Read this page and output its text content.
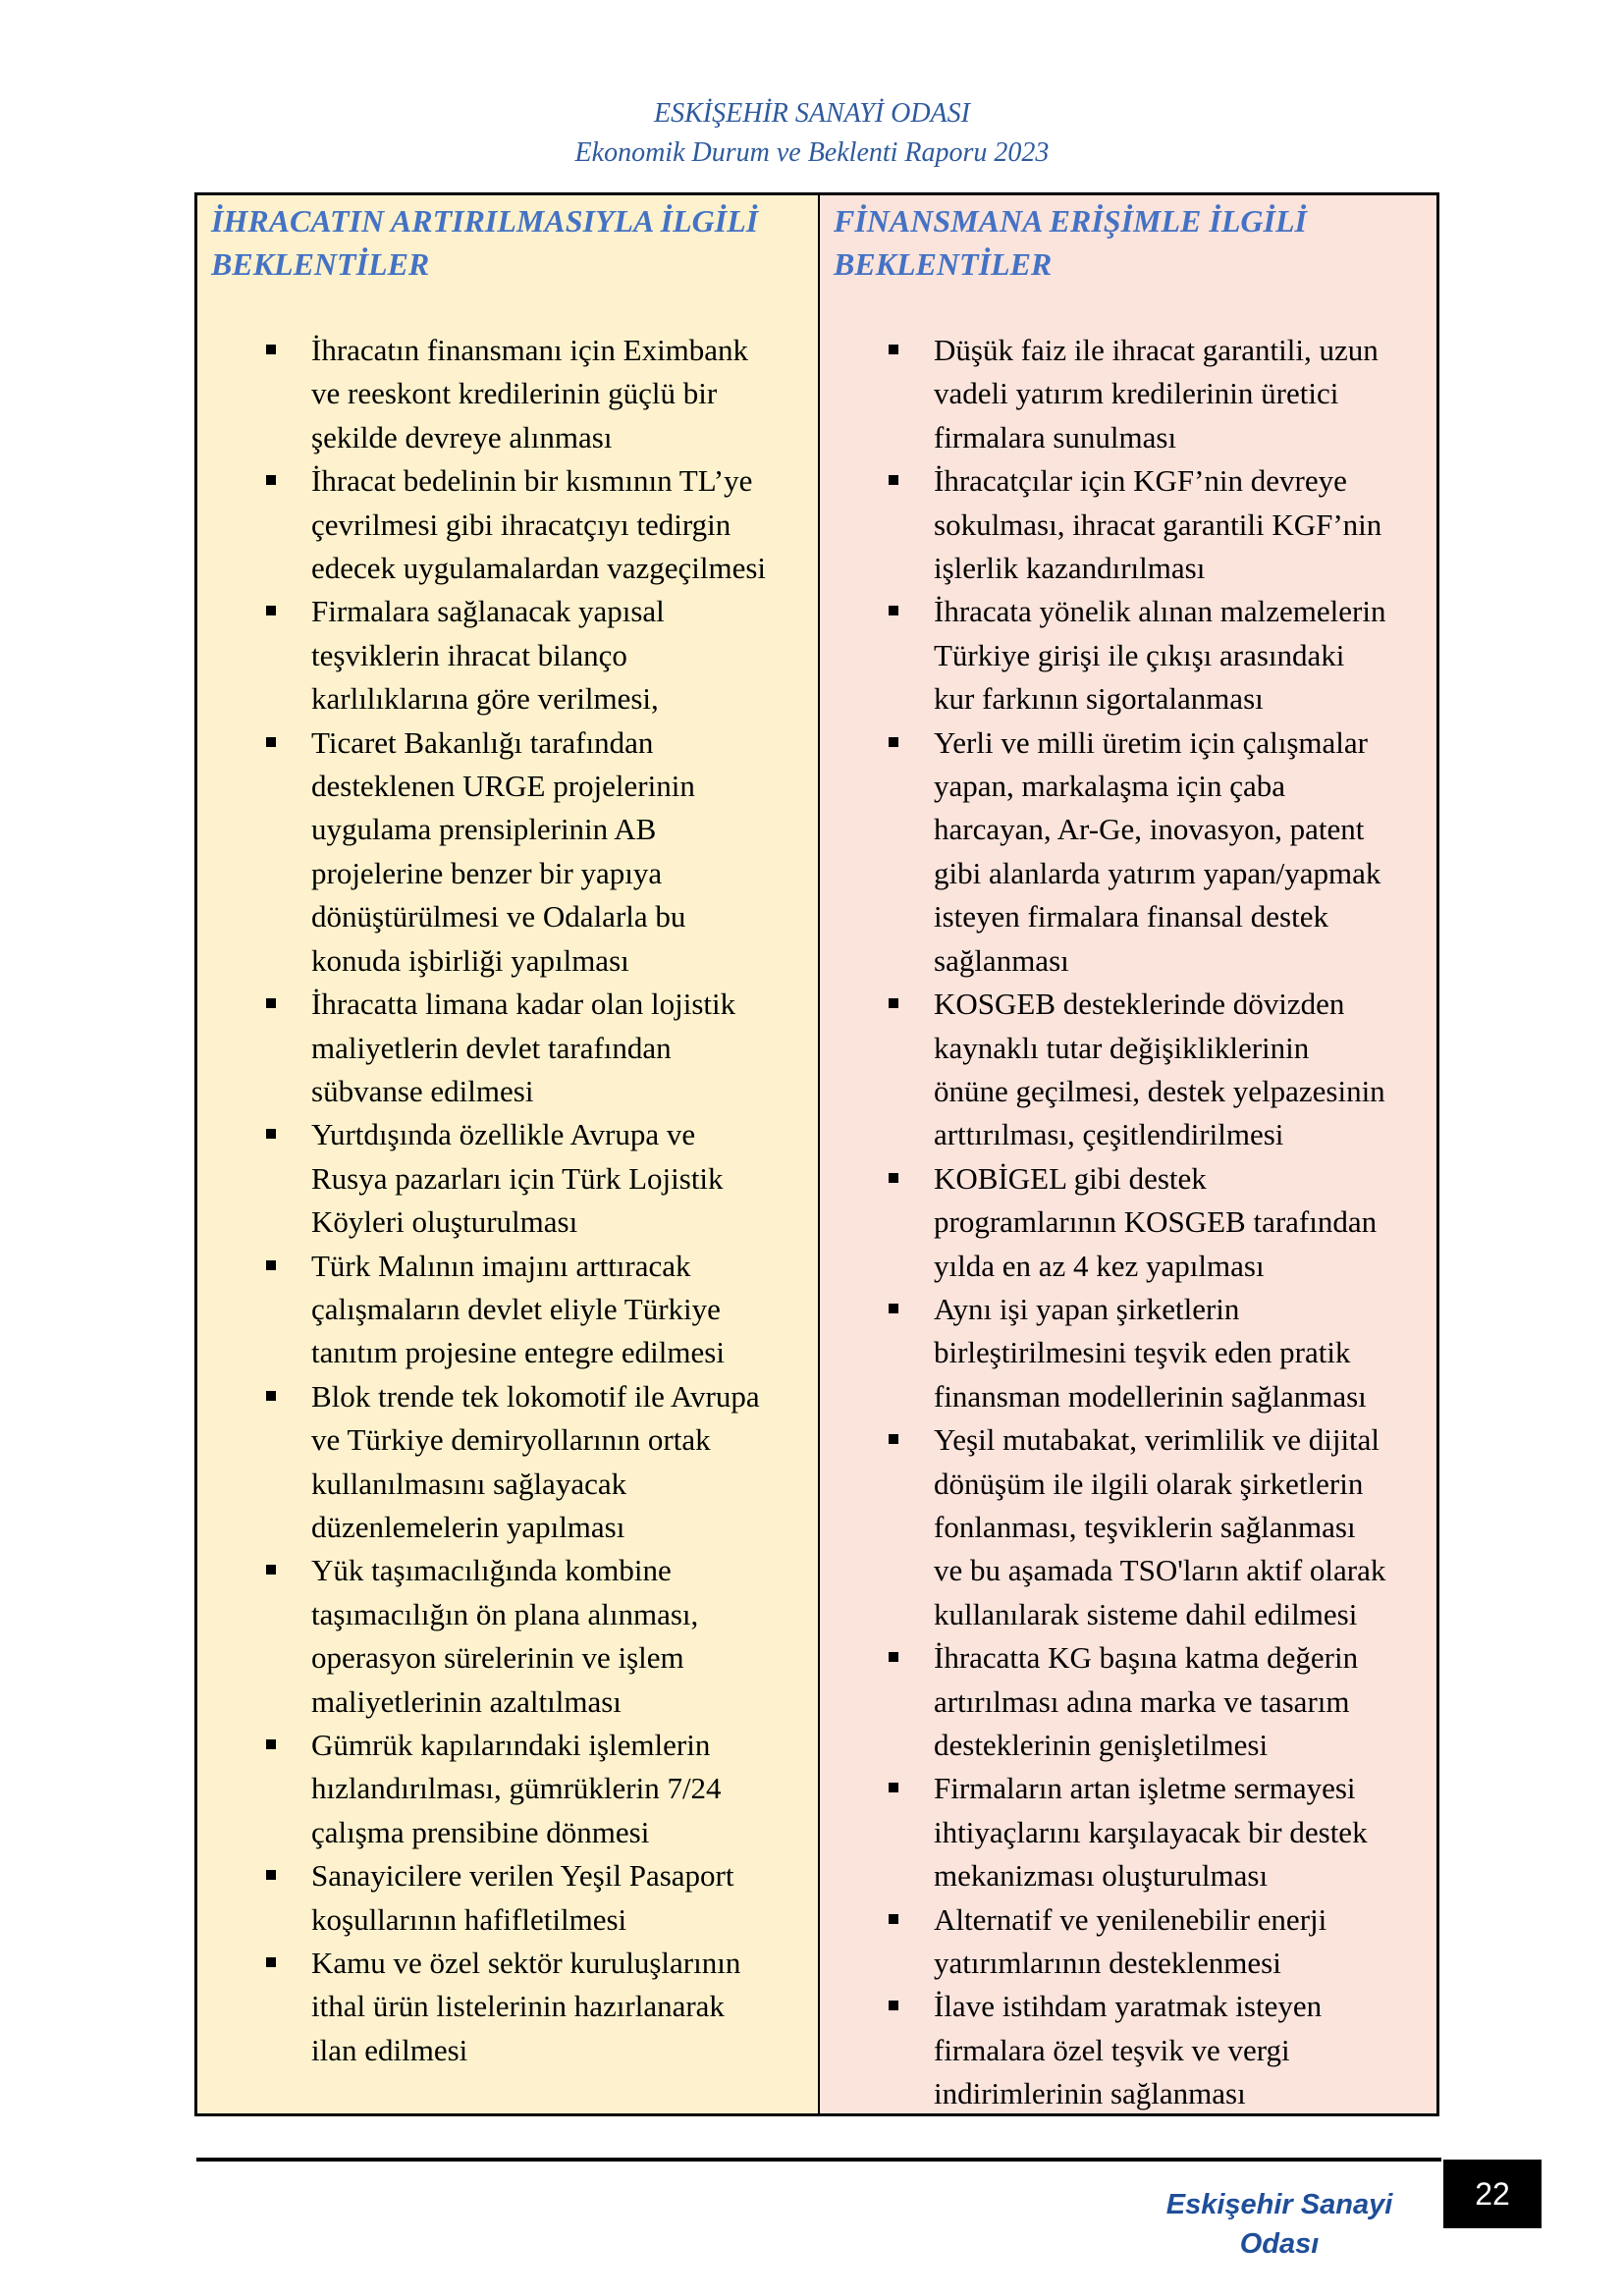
ESKİŞEHİR SANAYİ ODASI
Ekonomik Durum ve Beklenti Raporu 2023
İHRACATIN ARTIRILMASIYLA İLGİLİ
BEKLENTİLER
İhracatın finansmanı için Eximbank
ve reeskont kredilerinin güçlü bir
şekilde devreye alınması
İhracat bedelinin bir kısmının TL’ye
çevrilmesi gibi ihracatçıyı tedirgin
edecek uygulamalardan vazgeçilmesi
Firmalara sağlanacak yapısal
teşviklerin ihracat bilanço
karlılıklarına göre verilmesi,
Ticaret Bakanlığı tarafından
desteklenen URGE projelerinin
uygulama prensiplerinin AB
projelerine benzer bir yapıya
dönüştürülmesi ve Odalarla bu
konuda işbirliği yapılması
İhracatta limana kadar olan lojistik
maliyetlerin devlet tarafından
sübvanse edilmesi
Yurtdışında özellikle Avrupa ve
Rusya pazarları için Türk Lojistik
Köyleri oluşturulması
Türk Malının imajını arttıracak
çalışmaların devlet eliyle Türkiye
tanıtım projesine entegre edilmesi
Blok trende tek lokomotif ile Avrupa
ve Türkiye demiryollarının ortak
kullanılmasını sağlayacak
düzenlemelerin yapılması
Yük taşımacılığında kombine
taşımacılığın ön plana alınması,
operasyon sürelerinin ve işlem
maliyetlerinin azaltılması
Gümrük kapılarındaki işlemlerin
hızlandırılması, gümrüklerin 7/24
çalışma prensibine dönmesi
Sanayicilere verilen Yeşil Pasaport
koşullarının hafifletilmesi
Kamu ve özel sektör kuruluşlarının
ithal ürün listelerinin hazırlanarak
ilan edilmesi
FİNANSMANA ERİŞİMLE İLGİLİ
BEKLENTİLER
Düşük faiz ile ihracat garantili, uzun
vadeli yatırım kredilerinin üretici
firmalara sunulması
İhracatçılar için KGF’nin devreye
sokulması, ihracat garantili KGF’nin
işlerlik kazandırılması
İhracata yönelik alınan malzemelerin
Türkiye girişi ile çıkışı arasındaki
kur farkının sigortalanması
Yerli ve milli üretim için çalışmalar
yapan, markalaşma için çaba
harcayan, Ar-Ge, inovasyon, patent
gibi alanlarda yatırım yapan/yapmak
isteyen firmalara finansal destek
sağlanması
KOSGEB desteklerinde dövizden
kaynaklı tutar değişikliklerinin
önüne geçilmesi, destek yelpazesinin
arttırılması, çeşitlendirilmesi
KOBİGEL gibi destek
programlarının KOSGEB tarafından
yılda en az 4 kez yapılması
Aynı işi yapan şirketlerin
birleştirilmesini teşvik eden pratik
finansman modellerinin sağlanması
Yeşil mutabakat, verimlilik ve dijital
dönüşüm ile ilgili olarak şirketlerin
fonlanması, teşviklerin sağlanması
ve bu aşamada TSO'ların aktif olarak
kullanılarak sisteme dahil edilmesi
İhracatta KG başına katma değerin
artırılması adına marka ve tasarım
desteklerinin genişletilmesi
Firmaların artan işletme sermayesi
ihtiyaçlarını karşılayacak bir destek
mekanizması oluşturulması
Alternatif ve yenilenebilir enerji
yatırımlarının desteklenmesi
İlave istihdam yaratmak isteyen
firmalara özel teşvik ve vergi
indirimlerinin sağlanması
Eskişehir Sanayi Odası
22
